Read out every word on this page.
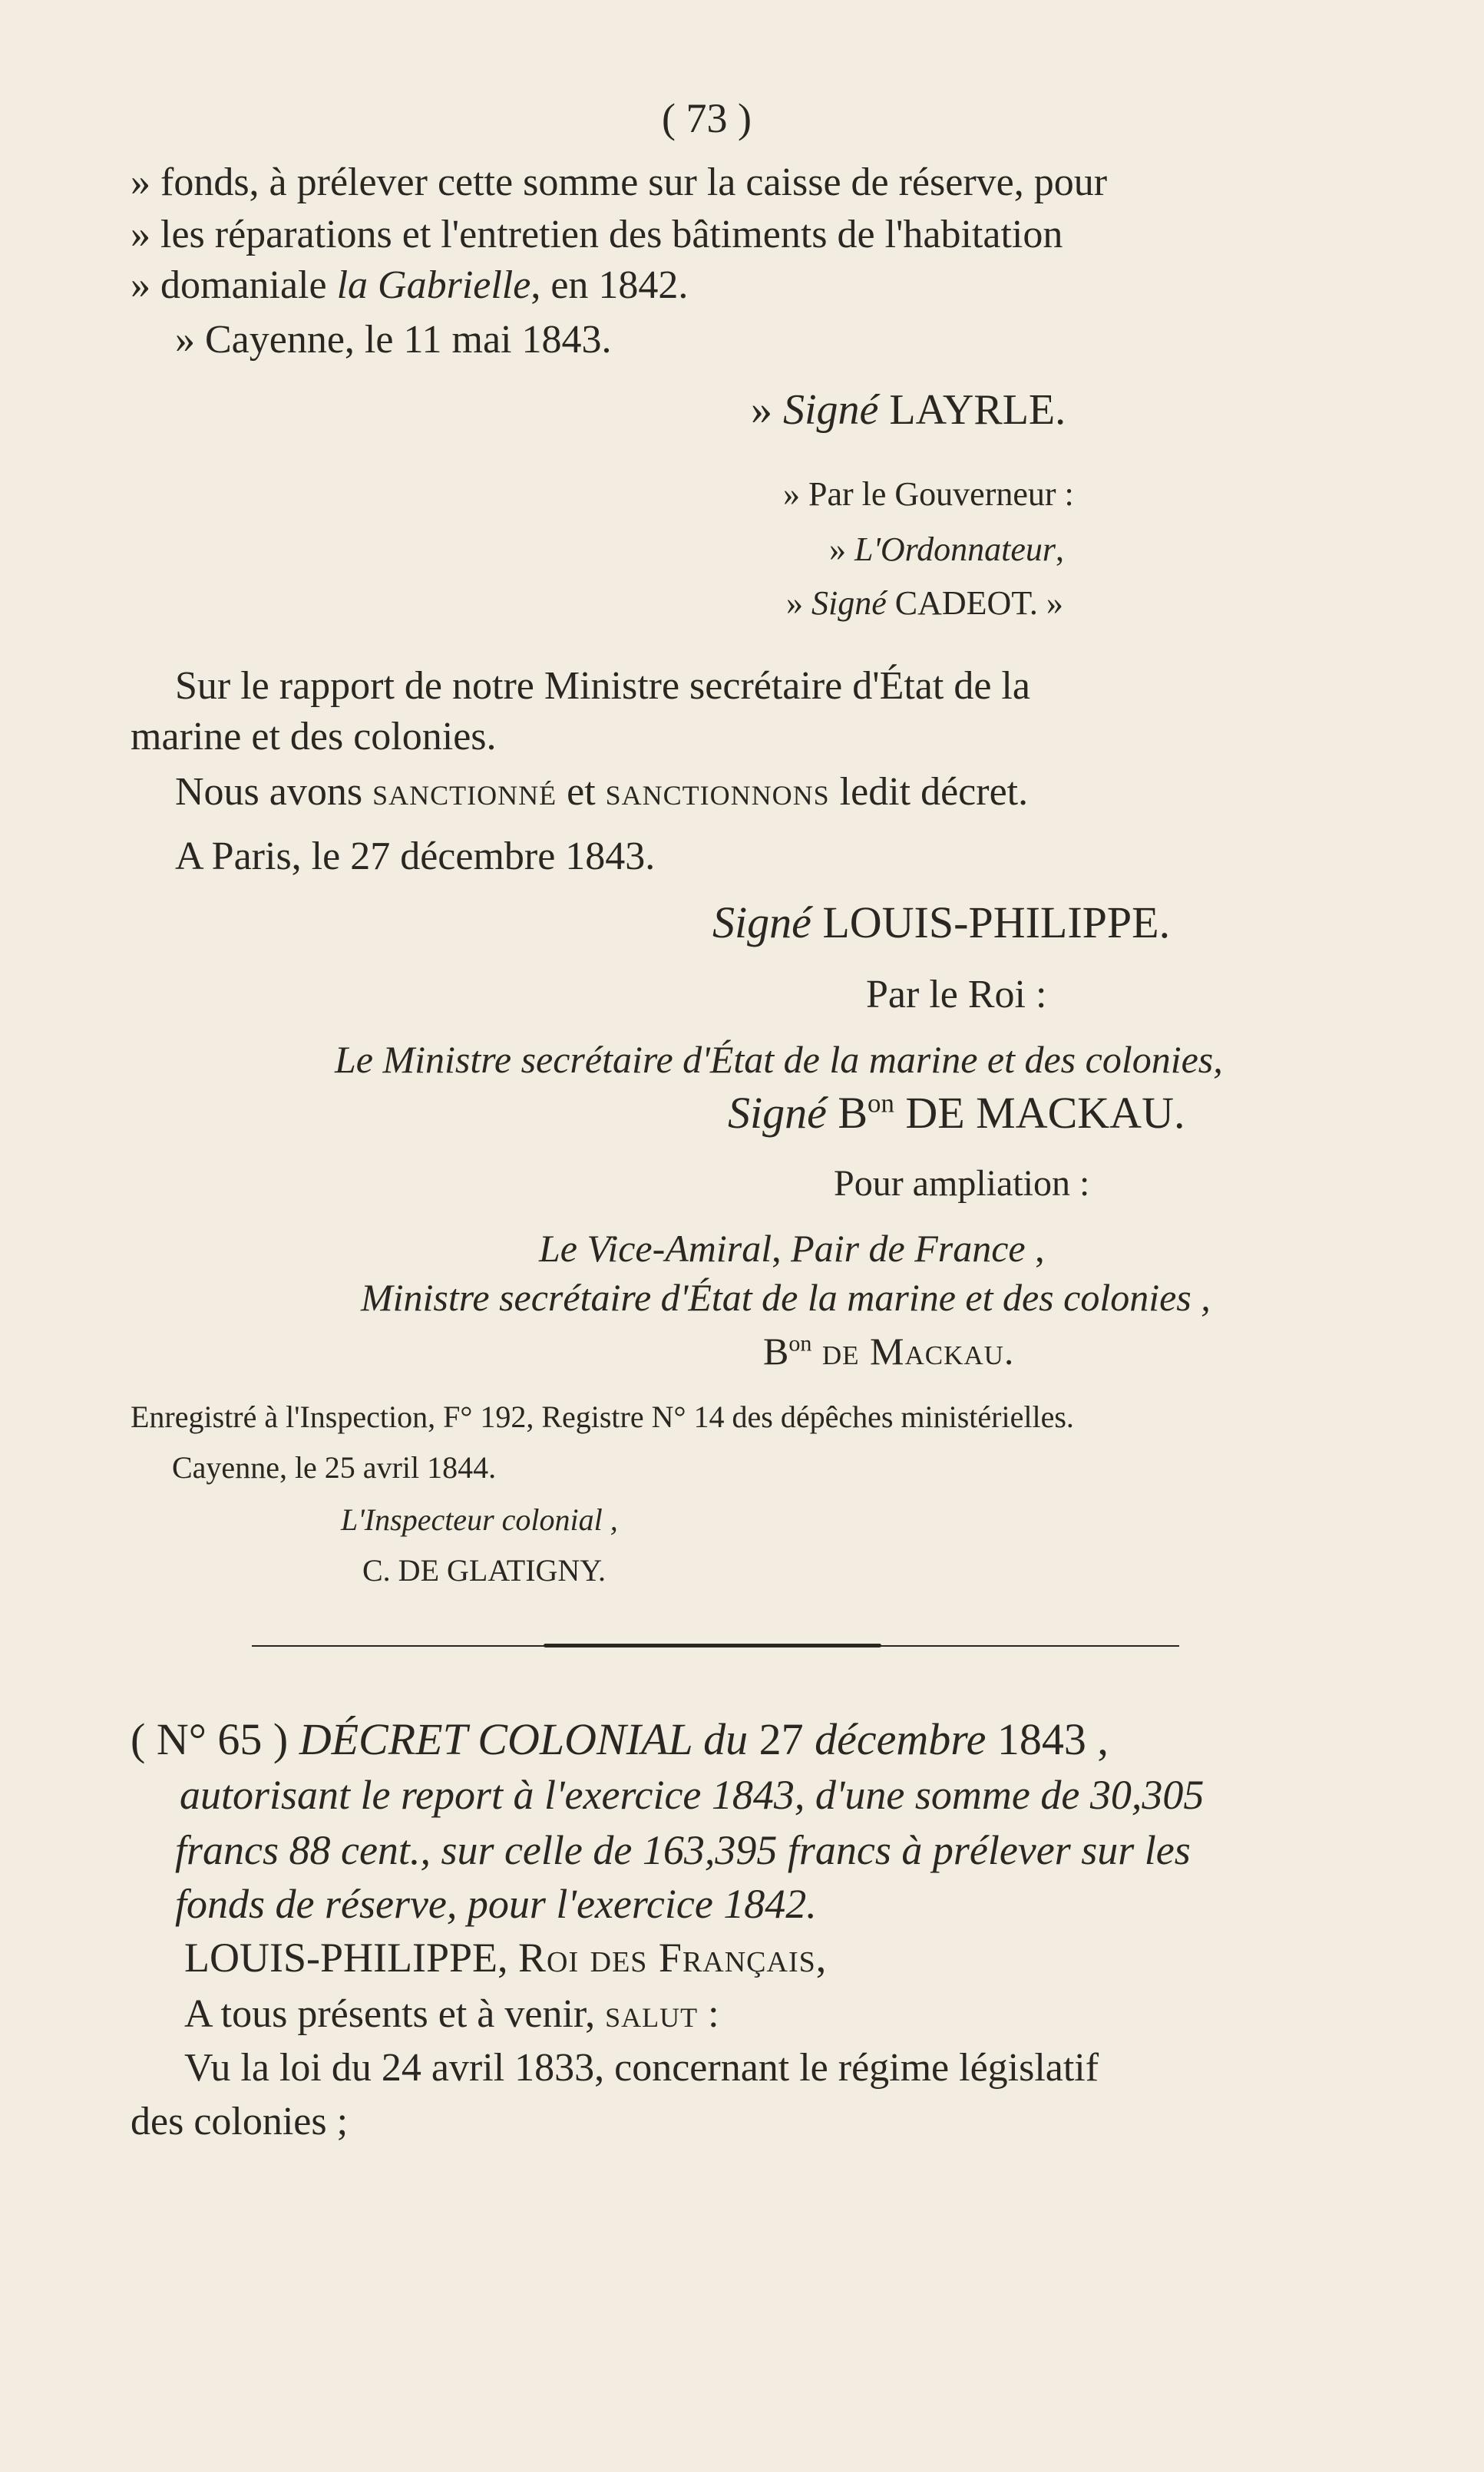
( 73 )
» fonds, à prélever cette somme sur la caisse de réserve, pour
» les réparations et l'entretien des bâtiments de l'habitation
» domaniale la Gabrielle, en 1842.
» Cayenne, le 11 mai 1843.
» Signé LAYRLE.
» Par le Gouverneur :
» L'Ordonnateur,
» Signé CADEOT. »
Sur le rapport de notre Ministre secrétaire d'État de la
marine et des colonies.
Nous avons sanctionné et sanctionnons ledit décret.
A Paris, le 27 décembre 1843.
Signé LOUIS-PHILIPPE.
Par le Roi :
Le Ministre secrétaire d'État de la marine et des colonies,
Signé $B^{on}$ DE MACKAU.
Pour ampliation :
Le Vice-Amiral, Pair de France ,
Ministre secrétaire d'État de la marine et des colonies ,
$B^{on}$ de Mackau.
Enregistré à l'Inspection, F° 192, Registre N° 14 des dépêches ministérielles.
Cayenne, le 25 avril 1844.
L'Inspecteur colonial ,
C. DE GLATIGNY.
( N° 65 ) DÉCRET COLONIAL du 27 décembre 1843 ,
autorisant le report à l'exercice 1843, d'une somme de 30,305
francs 88 cent., sur celle de 163,395 francs à prélever sur les
fonds de réserve, pour l'exercice 1842.
LOUIS-PHILIPPE, Roi des Français,
A tous présents et à venir, salut :
Vu la loi du 24 avril 1833, concernant le régime législatif
des colonies ;
